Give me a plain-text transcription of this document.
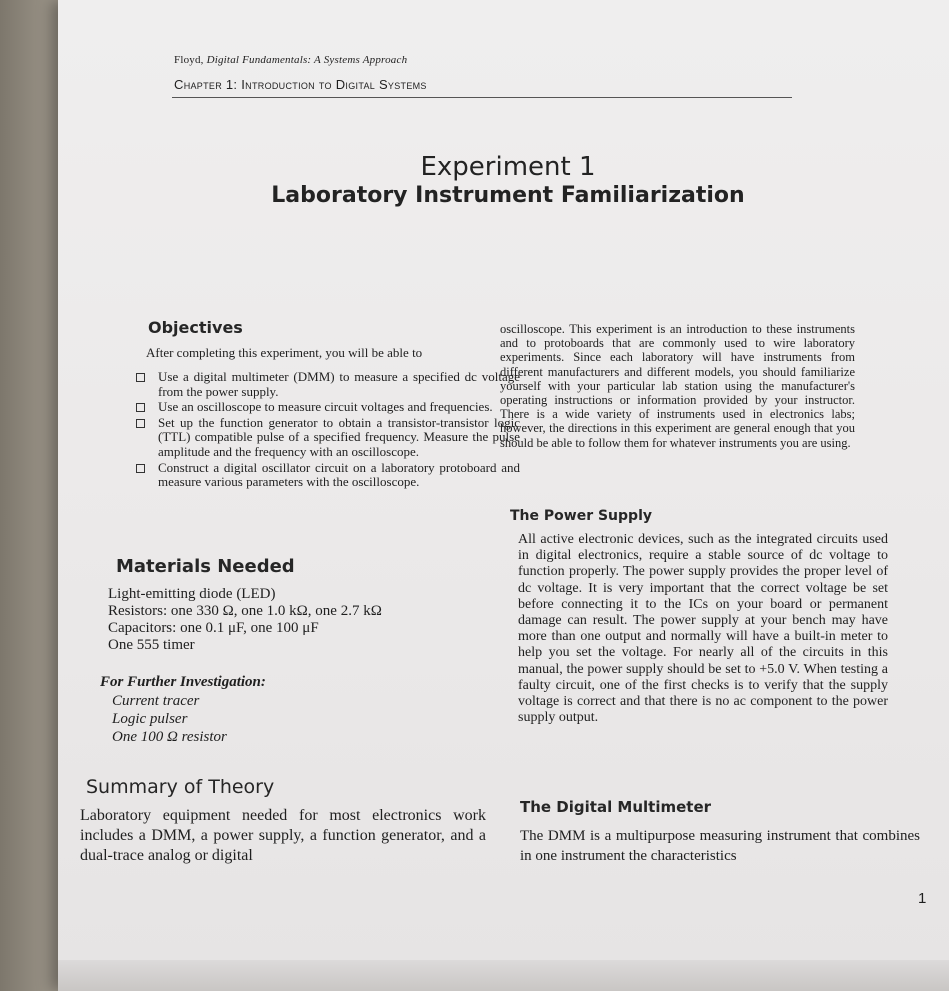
Floyd, Digital Fundamentals: A Systems Approach
Chapter 1: Introduction to Digital Systems
Experiment 1
Laboratory Instrument Familiarization
Objectives
After completing this experiment, you will be able to
Use a digital multimeter (DMM) to measure a specified dc voltage from the power supply.
Use an oscilloscope to measure circuit voltages and frequencies.
Set up the function generator to obtain a transistor-transistor logic (TTL) compatible pulse of a specified frequency. Measure the pulse amplitude and the frequency with an oscilloscope.
Construct a digital oscillator circuit on a laboratory protoboard and measure various parameters with the oscilloscope.
Materials Needed
Light-emitting diode (LED)
Resistors: one 330 Ω, one 1.0 kΩ, one 2.7 kΩ
Capacitors: one 0.1 μF, one 100 μF
One 555 timer
For Further Investigation:
Current tracer
Logic pulser
One 100 Ω resistor
Summary of Theory
Laboratory equipment needed for most electronics work includes a DMM, a power supply, a function generator, and a dual-trace analog or digital
oscilloscope. This experiment is an introduction to these instruments and to protoboards that are commonly used to wire laboratory experiments. Since each laboratory will have instruments from different manufacturers and different models, you should familiarize yourself with your particular lab station using the manufacturer's operating instructions or information provided by your instructor. There is a wide variety of instruments used in electronics labs; however, the directions in this experiment are general enough that you should be able to follow them for whatever instruments you are using.
The Power Supply
All active electronic devices, such as the integrated circuits used in digital electronics, require a stable source of dc voltage to function properly. The power supply provides the proper level of dc voltage. It is very important that the correct voltage be set before connecting it to the ICs on your board or permanent damage can result. The power supply at your bench may have more than one output and normally will have a built-in meter to help you set the voltage. For nearly all of the circuits in this manual, the power supply should be set to +5.0 V. When testing a faulty circuit, one of the first checks is to verify that the supply voltage is correct and that there is no ac component to the power supply output.
The Digital Multimeter
The DMM is a multipurpose measuring instrument that combines in one instrument the characteristics
1
